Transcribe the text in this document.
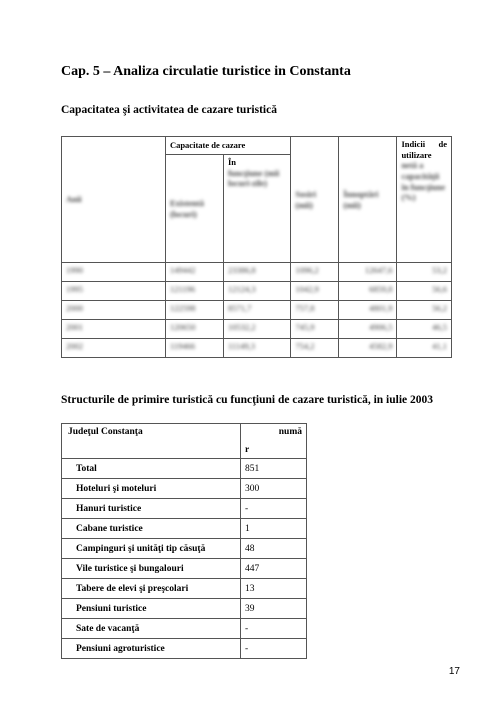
Cap. 5 – Analiza circulatie turistice in Constanta
Capacitatea şi activitatea de cazare turistică
Anii	Capacitate de cazare		Sosiri (mii)	Înnoptări (mii)	Indicii de
utilizare
netă a capacităţii în funcţiune (%)

	Existentă (locuri)	În
funcţiune (mii locuri-zile)			

1990	149442	23386,8	1096,2	12647,6	53,2
1995	121196	12124,3	1042,9	6859,8	56,6
2000	122598	8571,7	757,8	4801,9	56,2
2001	120650	10532,2	745,9	4906,5	46,5
2002	119466	11149,3	754,2	4582,9	41,1
Structurile de primire turistică cu funcţiuni de cazare turistică, in iulie 2003
Judeţul Constanţa	numă
r

Total	851
Hoteluri şi moteluri	300
Hanuri turistice	-
Cabane turistice	1
Campinguri şi unităţi tip căsuţă	48
Vile turistice şi bungalouri	447
Tabere de elevi şi preşcolari	13
Pensiuni turistice	39
Sate de vacanţă	-
Pensiuni agroturistice	-
17
